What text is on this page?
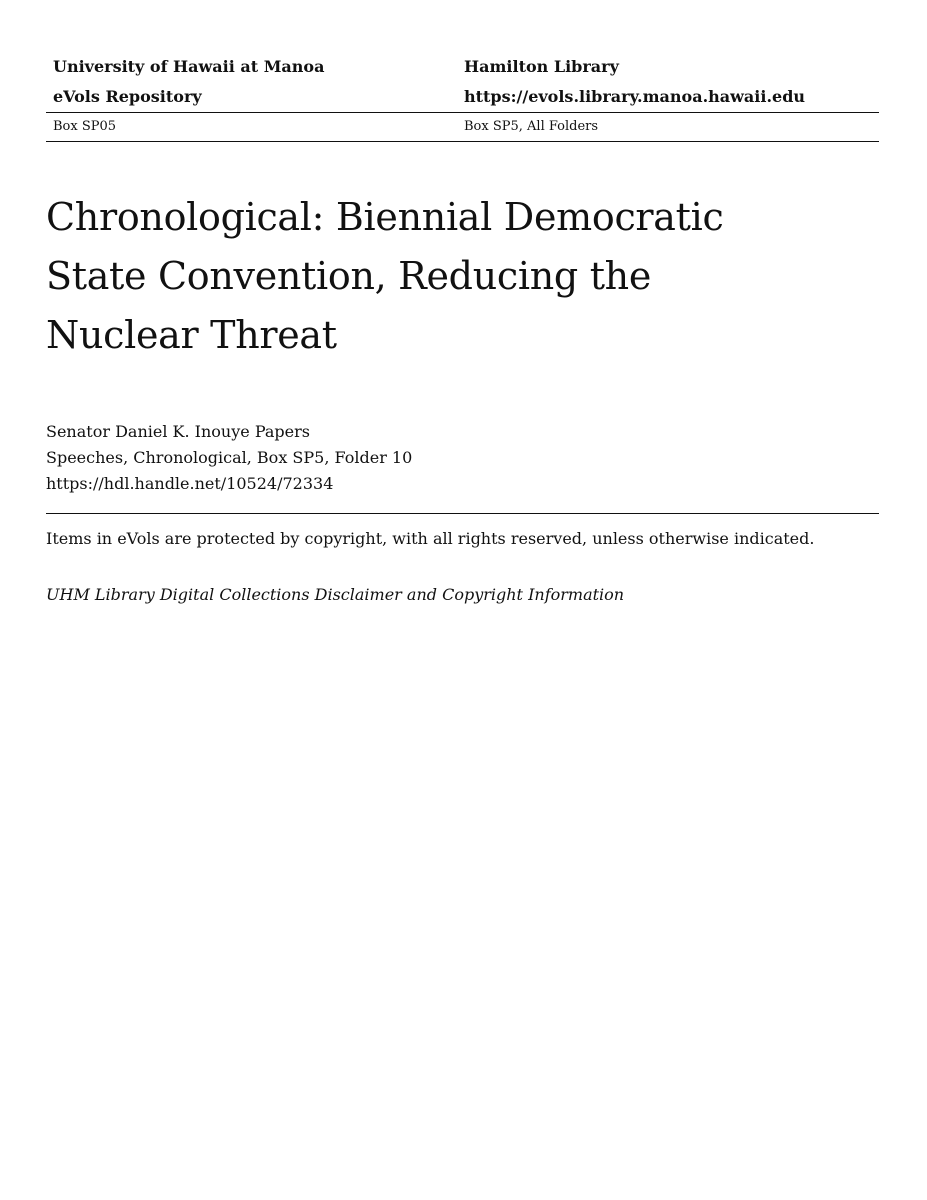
University of Hawaii at Manoa	Hamilton Library
eVols Repository	https://evols.library.manoa.hawaii.edu
Box SP05	Box SP5, All Folders
Chronological: Biennial Democratic
State Convention, Reducing the
Nuclear Threat
Senator Daniel K. Inouye Papers
Speeches, Chronological, Box SP5, Folder 10
https://hdl.handle.net/10524/72334
Items in eVols are protected by copyright, with all rights reserved, unless otherwise indicated.
UHM Library Digital Collections Disclaimer and Copyright Information
